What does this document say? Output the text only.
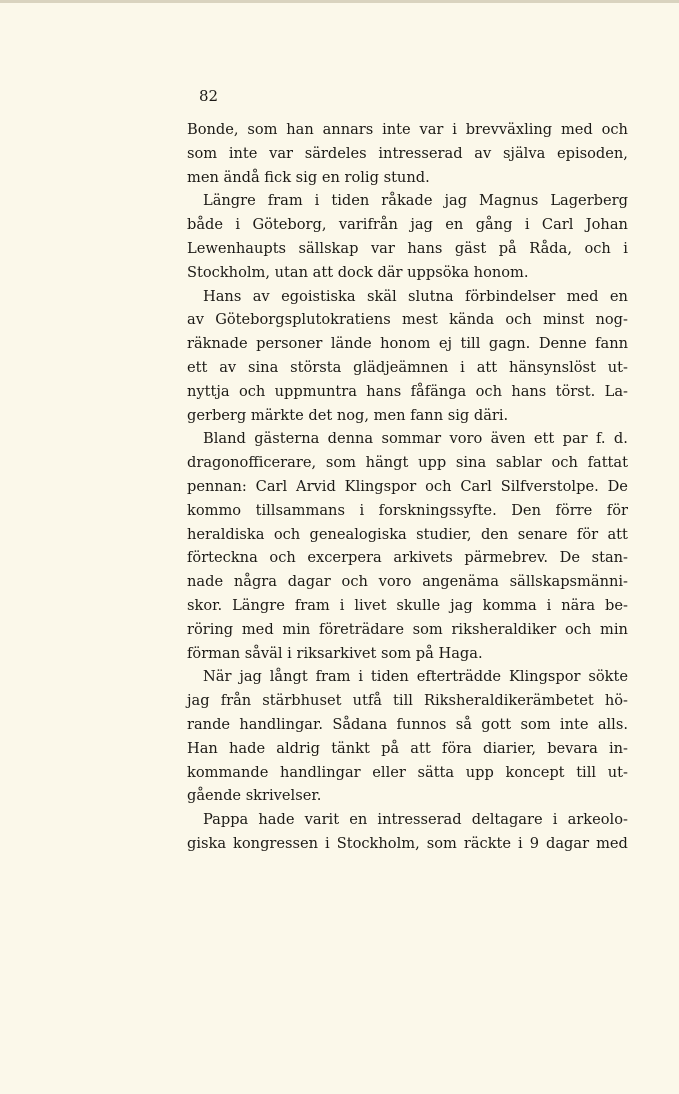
82
Bonde, som han annars inte var i brevväxling med och
som inte var särdeles intresserad av själva episoden,
men ändå fick sig en rolig stund.
Längre fram i tiden råkade jag Magnus Lagerberg
både i Göteborg, varifrån jag en gång i Carl Johan
Lewenhaupts sällskap var hans gäst på Råda, och i
Stockholm, utan att dock där uppsöka honom.
Hans av egoistiska skäl slutna förbindelser med en
av Göteborgsplutokratiens mest kända och minst nog-
räknade personer lände honom ej till gagn. Denne fann
ett av sina största glädjeämnen i att hänsynslöst ut-
nyttja och uppmuntra hans fåfänga och hans törst. La-
gerberg märkte det nog, men fann sig däri.
Bland gästerna denna sommar voro även ett par f. d.
dragonofficerare, som hängt upp sina sablar och fattat
pennan: Carl Arvid Klingspor och Carl Silfverstolpe. De
kommo tillsammans i forskningssyfte. Den förre för
heraldiska och genealogiska studier, den senare för att
förteckna och excerpera arkivets pärmebrev. De stan-
nade några dagar och voro angenäma sällskapsmänni-
skor. Längre fram i livet skulle jag komma i nära be-
röring med min företrädare som riksheraldiker och min
förman såväl i riksarkivet som på Haga.
När jag långt fram i tiden efterträdde Klingspor sökte
jag från stärbhuset utfå till Riksheraldikerämbetet hö-
rande handlingar. Sådana funnos så gott som inte alls.
Han hade aldrig tänkt på att föra diarier, bevara in-
kommande handlingar eller sätta upp koncept till ut-
gående skrivelser.
Pappa hade varit en intresserad deltagare i arkeolo-
giska kongressen i Stockholm, som räckte i 9 dagar med
